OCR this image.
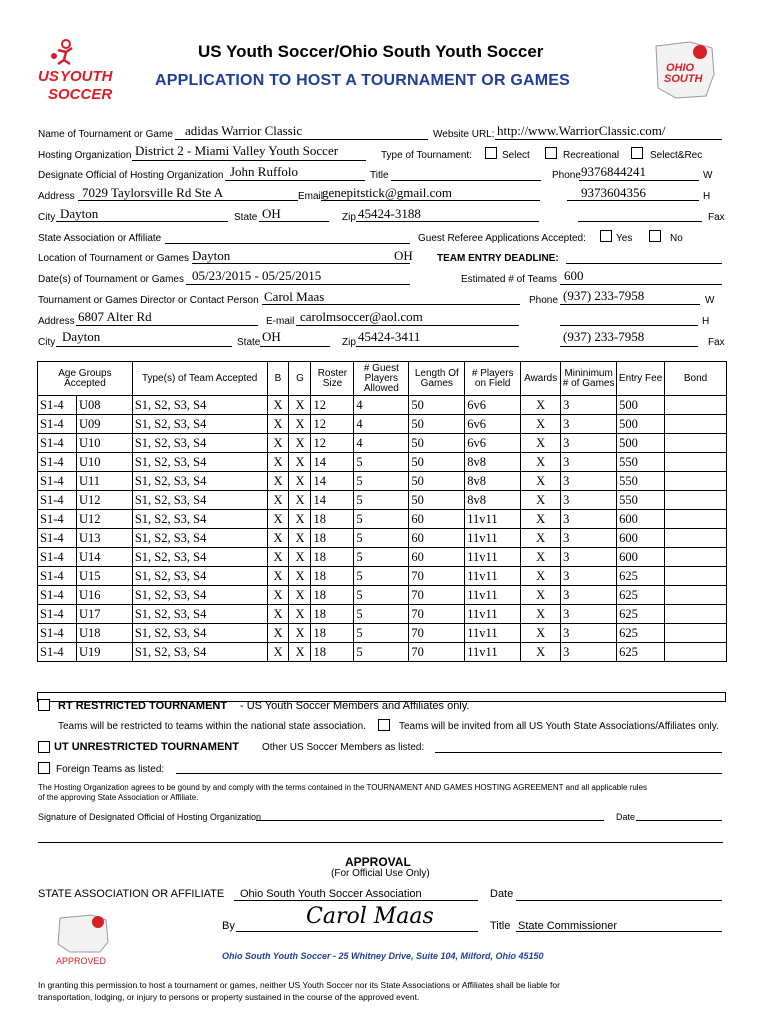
US YOUTH
SOCCER
US Youth Soccer/Ohio South Youth Soccer
APPLICATION TO HOST A TOURNAMENT OR GAMES
OHIO
SOUTH
Name of Tournament or Game adidas Warrior Classic	Website URL: http://www.WarriorClassic.com/
Hosting Organization District 2 - Miami Valley Youth Soccer	Type of Tournament:	Select	Recreational	Select&Rec
Designate Official of Hosting Organization John Ruffolo	Title	Phone 9376844241	W
Address 7029 Taylorsville Rd Ste A	Email
genepitstick@gmail.com	9373604356	H
City Dayton	State OH	Zip 45424-3188	Fax
State Association or Affiliate	Guest Referee Applications Accepted:	Yes	No
Location of Tournament or Games Dayton	OH TEAM ENTRY DEADLINE:
Date(s) of Tournament or Games 05/23/2015 - 05/25/2015	Estimated # of Teams 600
Tournament or Games Director or Contact Person Carol Maas	Phone (937) 233-7958	W
Address 6807 Alter Rd	E-mail carolmsoccer@aol.com	H
City Dayton	State OH	Zip 45424-3411	(937) 233-7958	Fax
Age Groups Accepted		Type(s) of Team Accepted	B	G	Roster Size	# Guest Players Allowed	Length Of Games	# Players on Field	Awards	Mininimum # of Games	Entry Fee	Bond
S1-4	U08	S1, S2, S3, S4	X	X	12	4	50	6v6	X	3	500	
S1-4	U09	S1, S2, S3, S4	X	X	12	4	50	6v6	X	3	500	
S1-4	U10	S1, S2, S3, S4	X	X	12	4	50	6v6	X	3	500	
S1-4	U10	S1, S2, S3, S4	X	X	14	5	50	8v8	X	3	550	
S1-4	U11	S1, S2, S3, S4	X	X	14	5	50	8v8	X	3	550	
S1-4	U12	S1, S2, S3, S4	X	X	14	5	50	8v8	X	3	550	
S1-4	U12	S1, S2, S3, S4	X	X	18	5	60	11v11	X	3	600	
S1-4	U13	S1, S2, S3, S4	X	X	18	5	60	11v11	X	3	600	
S1-4	U14	S1, S2, S3, S4	X	X	18	5	60	11v11	X	3	600	
S1-4	U15	S1, S2, S3, S4	X	X	18	5	70	11v11	X	3	625	
S1-4	U16	S1, S2, S3, S4	X	X	18	5	70	11v11	X	3	625	
S1-4	U17	S1, S2, S3, S4	X	X	18	5	70	11v11	X	3	625	
S1-4	U18	S1, S2, S3, S4	X	X	18	5	70	11v11	X	3	625	
S1-4	U19	S1, S2, S3, S4	X	X	18	5	70	11v11	X	3	625	
RT RESTRICTED TOURNAMENT - US Youth Soccer Members and Affiliates only.
Teams will be restricted to teams within the national state association.	Teams will be invited from all US Youth State Associations/Affiliates only.
UT UNRESTRICTED TOURNAMENT Other US Soccer Members as listed:
Foreign Teams as listed:
The Hosting Organization agrees to be gound by and comply with the terms contained in the TOURNAMENT AND GAMES HOSTING AGREEMENT and all applicable rules
of the approving State Association or Affiliate.
Signature of Designated Official of Hosting Organization	Date
APPROVAL
(For Official Use Only)
STATE ASSOCIATION OR AFFILIATE Ohio South Youth Soccer Association	Date
APPROVED
By	Carol Maas	Title State Commissioner
Ohio South Youth Soccer - 25 Whitney Drive, Suite 104, Milford, Ohio 45150
In granting this permission to host a tournament or games, neither US Youth Soccer nor its State Associations or Affiliates shall be liable for
transportation, lodging, or injury to persons or property sustained in the course of the approved event.
